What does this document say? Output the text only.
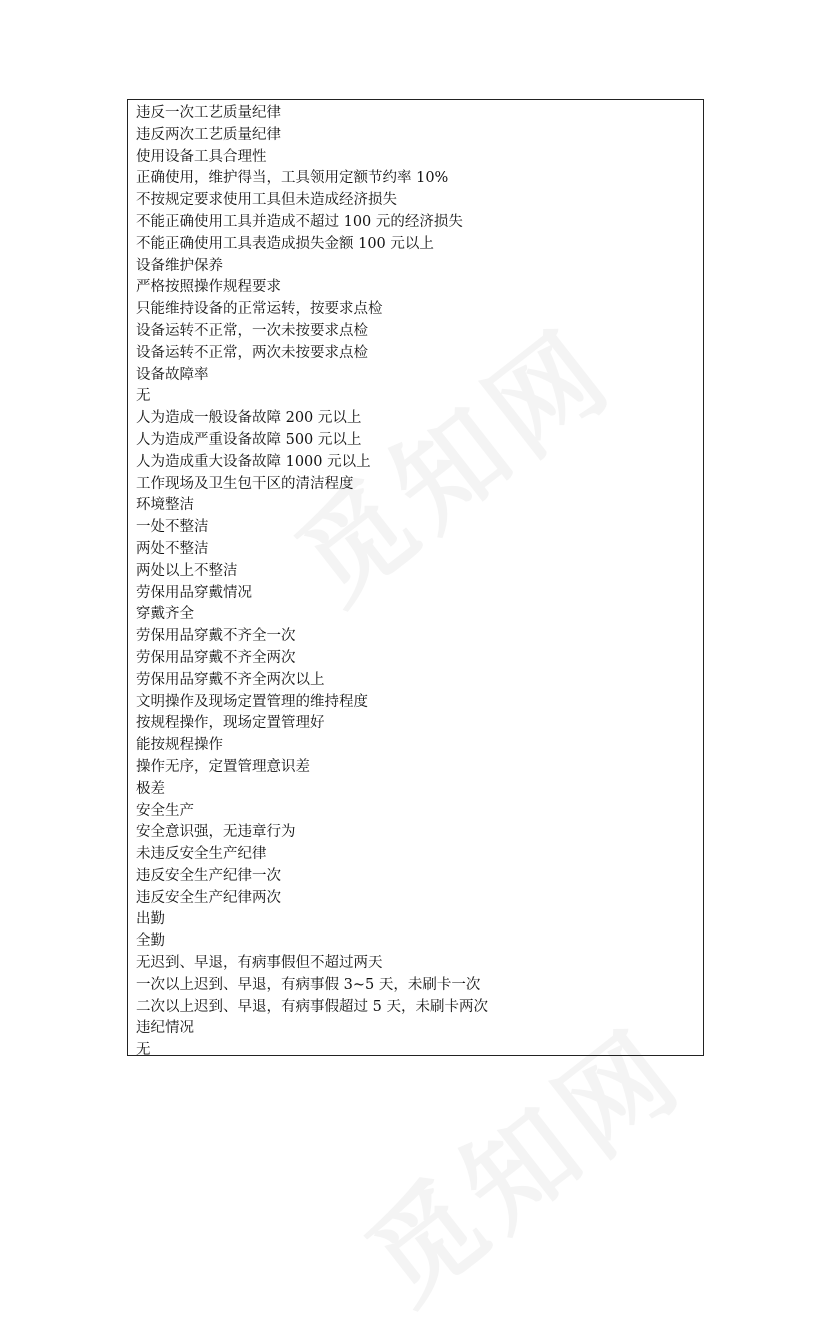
违反一次工艺质量纪律
违反两次工艺质量纪律
使用设备工具合理性
正确使用，维护得当，工具领用定额节约率 10%
不按规定要求使用工具但未造成经济损失
不能正确使用工具并造成不超过 100 元的经济损失
不能正确使用工具表造成损失金额 100 元以上
设备维护保养
严格按照操作规程要求
只能维持设备的正常运转，按要求点检
设备运转不正常，一次未按要求点检
设备运转不正常，两次未按要求点检
设备故障率
无
人为造成一般设备故障 200 元以上
人为造成严重设备故障 500 元以上
人为造成重大设备故障 1000 元以上
工作现场及卫生包干区的清洁程度
环境整洁
一处不整洁
两处不整洁
两处以上不整洁
劳保用品穿戴情况
穿戴齐全
劳保用品穿戴不齐全一次
劳保用品穿戴不齐全两次
劳保用品穿戴不齐全两次以上
文明操作及现场定置管理的维持程度
按规程操作，现场定置管理好
能按规程操作
操作无序，定置管理意识差
极差
安全生产
安全意识强，无违章行为
未违反安全生产纪律
违反安全生产纪律一次
违反安全生产纪律两次
出勤
全勤
无迟到、早退，有病事假但不超过两天
一次以上迟到、早退，有病事假 3~5 天，未刷卡一次
二次以上迟到、早退，有病事假超过 5 天，未刷卡两次
违纪情况
无
